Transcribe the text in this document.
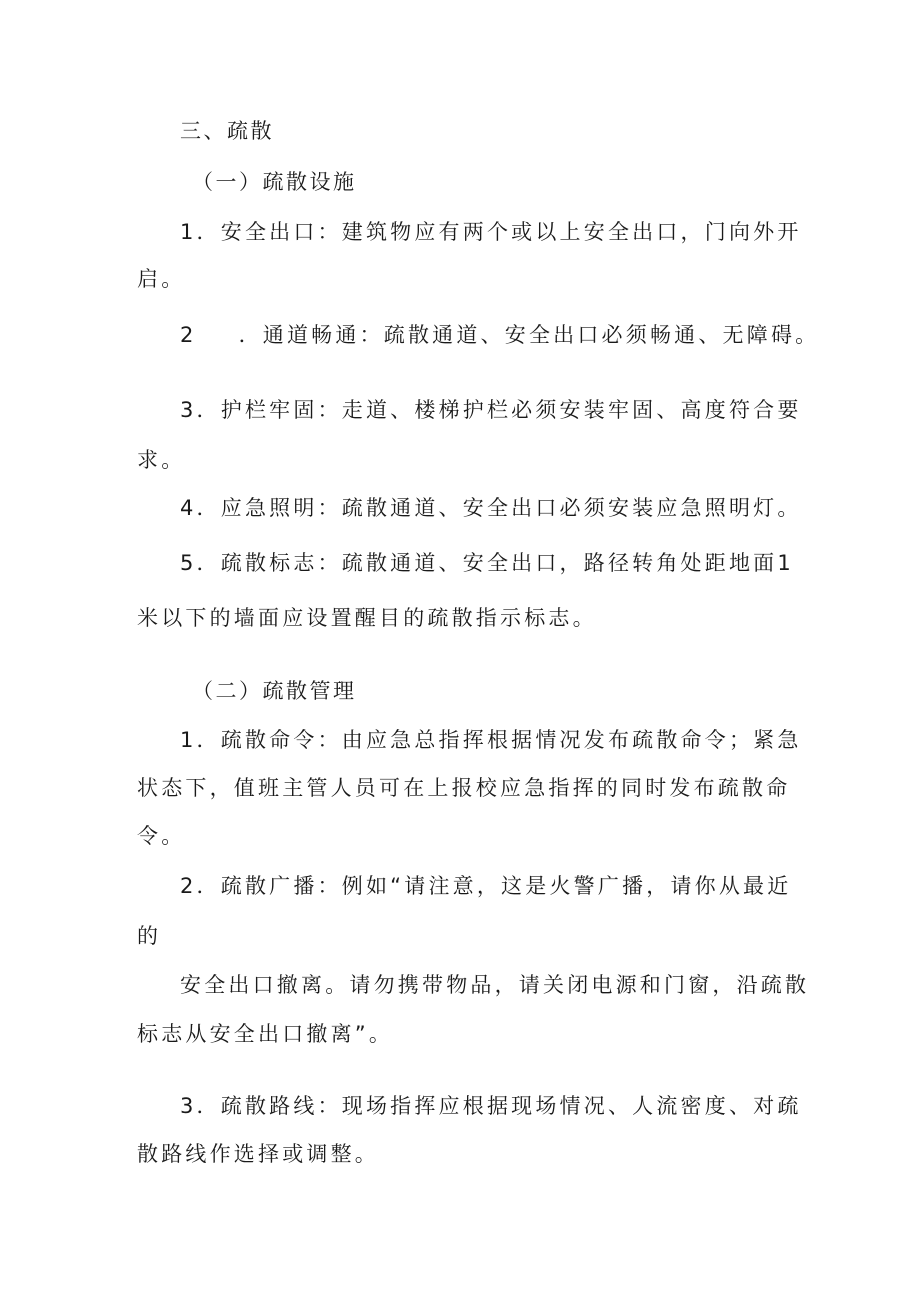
三、疏散
（一）疏散设施
1．安全出口：建筑物应有两个或以上安全出口，门向外开
启。
2 ．通道畅通：疏散通道、安全出口必须畅通、无障碍。
3．护栏牢固：走道、楼梯护栏必须安装牢固、高度符合要
求。
4．应急照明：疏散通道、安全出口必须安装应急照明灯。
5．疏散标志：疏散通道、安全出口，路径转角处距地面1
米以下的墙面应设置醒目的疏散指示标志。
（二）疏散管理
1．疏散命令：由应急总指挥根据情况发布疏散命令；紧急
状态下，值班主管人员可在上报校应急指挥的同时发布疏散命
令。
2．疏散广播：例如“请注意，这是火警广播，请你从最近
的
安全出口撤离。请勿携带物品，请关闭电源和门窗，沿疏散
标志从安全出口撤离”。
3．疏散路线：现场指挥应根据现场情况、人流密度、对疏
散路线作选择或调整。
